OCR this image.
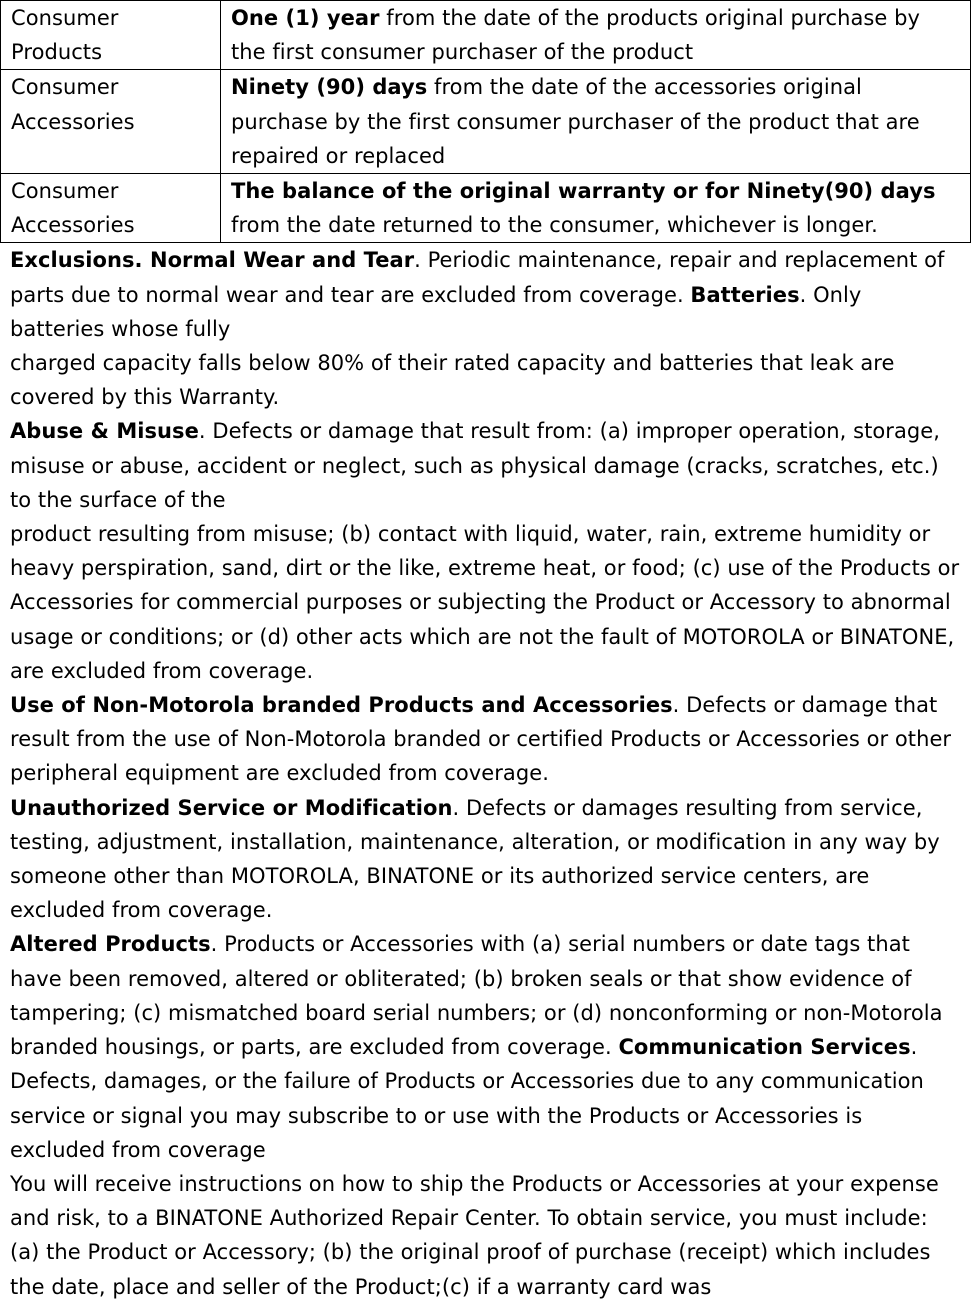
Consumer Products	One (1) year from the date of the products original purchase by the first consumer purchaser of the product
Consumer Accessories	Ninety (90) days from the date of the accessories original purchase by the first consumer purchaser of the product that are repaired or replaced
Consumer Accessories	The balance of the original warranty or for Ninety(90) days from the date returned to the consumer, whichever is longer.

Exclusions. Normal Wear and Tear. Periodic maintenance, repair and replacement of parts due to normal wear and tear are excluded from coverage. Batteries. Only batteries whose fully

charged capacity falls below 80% of their rated capacity and batteries that leak are covered by this Warranty.

Abuse & Misuse. Defects or damage that result from: (a) improper operation, storage, misuse or abuse, accident or neglect, such as physical damage (cracks, scratches, etc.) to the surface of the

product resulting from misuse; (b) contact with liquid, water, rain, extreme humidity or heavy perspiration, sand, dirt or the like, extreme heat, or food; (c) use of the Products or Accessories for commercial purposes or subjecting the Product or Accessory to abnormal usage or conditions; or (d) other acts which are not the fault of MOTOROLA or BINATONE, are excluded from coverage.

Use of Non-Motorola branded Products and Accessories. Defects or damage that result from the use of Non-Motorola branded or certified Products or Accessories or other peripheral equipment are excluded from coverage.

Unauthorized Service or Modification. Defects or damages resulting from service, testing, adjustment, installation, maintenance, alteration, or modification in any way by someone other than MOTOROLA, BINATONE or its authorized service centers, are excluded from coverage.

Altered Products. Products or Accessories with (a) serial numbers or date tags that have been removed, altered or obliterated; (b) broken seals or that show evidence of tampering; (c) mismatched board serial numbers; or (d) nonconforming or non-Motorola branded housings, or parts, are excluded from coverage. Communication Services. Defects, damages, or the failure of Products or Accessories due to any communication service or signal you may subscribe to or use with the Products or Accessories is excluded from coverage

You will receive instructions on how to ship the Products or Accessories at your expense and risk, to a BINATONE Authorized Repair Center. To obtain service, you must include: (a) the Product or Accessory; (b) the original proof of purchase (receipt) which includes the date, place and seller of the Product;(c) if a warranty card was
